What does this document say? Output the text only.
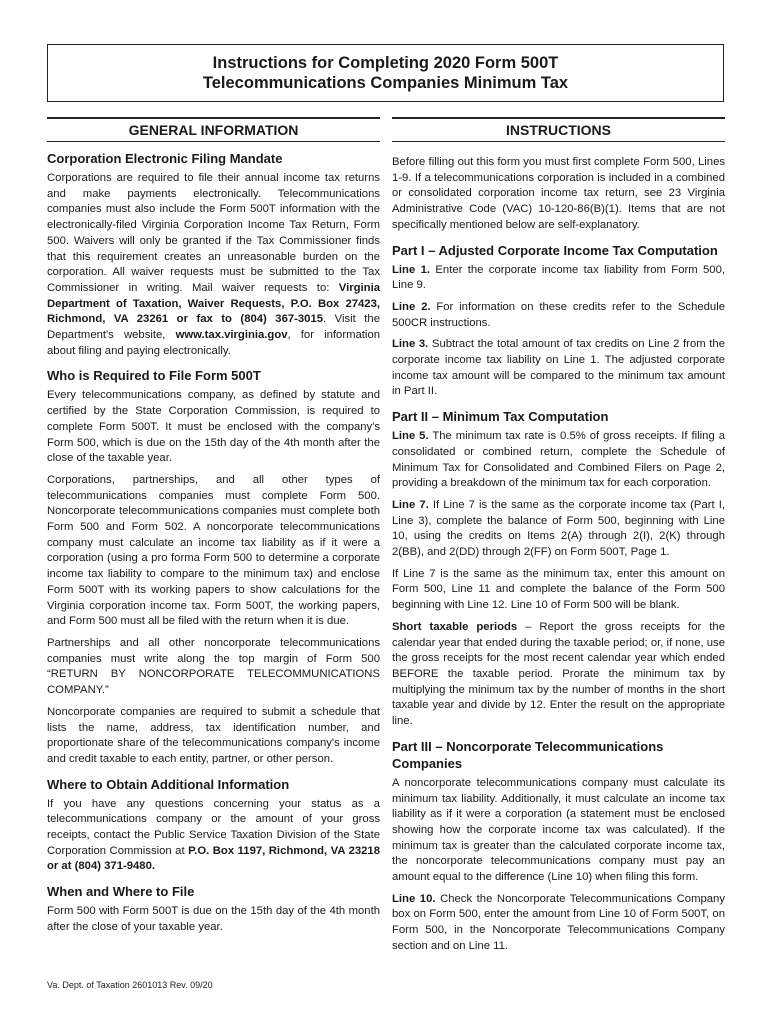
Instructions for Completing 2020 Form 500T
Telecommunications Companies Minimum Tax
GENERAL INFORMATION	INSTRUCTIONS
Corporation Electronic Filing Mandate

Corporations are required to file their annual income tax returns and make payments electronically. Telecommunications companies must also include the Form 500T information with the electronically-filed Virginia Corporation Income Tax Return, Form 500. Waivers will only be granted if the Tax Commissioner finds that this requirement creates an unreasonable burden on the corporation. All waiver requests must be submitted to the Tax Commissioner in writing. Mail waiver requests to: Virginia Department of Taxation, Waiver Requests, P.O. Box 27423, Richmond, VA 23261 or fax to (804) 367-3015. Visit the Department's website, www.tax.virginia.gov, for information about filing and paying electronically.

Who is Required to File Form 500T

Every telecommunications company, as defined by statute and certified by the State Corporation Commission, is required to complete Form 500T. It must be enclosed with the company's Form 500, which is due on the 15th day of the 4th month after the close of the taxable year.

Corporations, partnerships, and all other types of telecommunications companies must complete Form 500. Noncorporate telecommunications companies must complete both Form 500 and Form 502. A noncorporate telecommunications company must calculate an income tax liability as if it were a corporation (using a pro forma Form 500 to determine a corporate income tax liability to compare to the minimum tax) and enclose Form 500T with its working papers to show calculations for the Virginia corporation income tax. Form 500T, the working papers, and Form 500 must all be filed with the return when it is due.

Partnerships and all other noncorporate telecommunications companies must write along the top margin of Form 500 “RETURN BY NONCORPORATE TELECOMMUNICATIONS COMPANY.”

Noncorporate companies are required to submit a schedule that lists the name, address, tax identification number, and proportionate share of the telecommunications company's income and credit taxable to each entity, partner, or other person.

Where to Obtain Additional Information

If you have any questions concerning your status as a telecommunications company or the amount of your gross receipts, contact the Public Service Taxation Division of the State Corporation Commission at P.O. Box 1197, Richmond, VA 23218 or at (804) 371-9480.

When and Where to File

Form 500 with Form 500T is due on the 15th day of the 4th month after the close of your taxable year.

Before filling out this form you must first complete Form 500, Lines 1-9. If a telecommunications corporation is included in a combined or consolidated corporation income tax return, see 23 Virginia Administrative Code (VAC) 10-120-86(B)(1). Items that are not specifically mentioned below are self-explanatory.

Part I – Adjusted Corporate Income Tax Computation

Line 1. Enter the corporate income tax liability from Form 500, Line 9.

Line 2. For information on these credits refer to the Schedule 500CR instructions.

Line 3. Subtract the total amount of tax credits on Line 2 from the corporate income tax liability on Line 1. The adjusted corporate income tax amount will be compared to the minimum tax amount in Part II.

Part II – Minimum Tax Computation

Line 5. The minimum tax rate is 0.5% of gross receipts. If filing a consolidated or combined return, complete the Schedule of Minimum Tax for Consolidated and Combined Filers on Page 2, providing a breakdown of the minimum tax for each corporation.

Line 7. If Line 7 is the same as the corporate income tax (Part I, Line 3), complete the balance of Form 500, beginning with Line 10, using the credits on Items 2(A) through 2(I), 2(K) through 2(BB), and 2(DD) through 2(FF) on Form 500T, Page 1.

If Line 7 is the same as the minimum tax, enter this amount on Form 500, Line 11 and complete the balance of the Form 500 beginning with Line 12. Line 10 of Form 500 will be blank.

Short taxable periods – Report the gross receipts for the calendar year that ended during the taxable period; or, if none, use the gross receipts for the most recent calendar year which ended BEFORE the taxable period. Prorate the minimum tax by multiplying the minimum tax by the number of months in the short taxable year and divide by 12. Enter the result on the appropriate line.

Part III – Noncorporate Telecommunications Companies

A noncorporate telecommunications company must calculate its minimum tax liability. Additionally, it must calculate an income tax liability as if it were a corporation (a statement must be enclosed showing how the corporate income tax was calculated). If the minimum tax is greater than the calculated corporate income tax, the noncorporate telecommunications company must pay an amount equal to the difference (Line 10) when filing this form.

Line 10. Check the Noncorporate Telecommunications Company box on Form 500, enter the amount from Line 10 of Form 500T, on Form 500, in the Noncorporate Telecommunications Company section and on Line 11.

Va. Dept. of Taxation 2601013 Rev. 09/20
